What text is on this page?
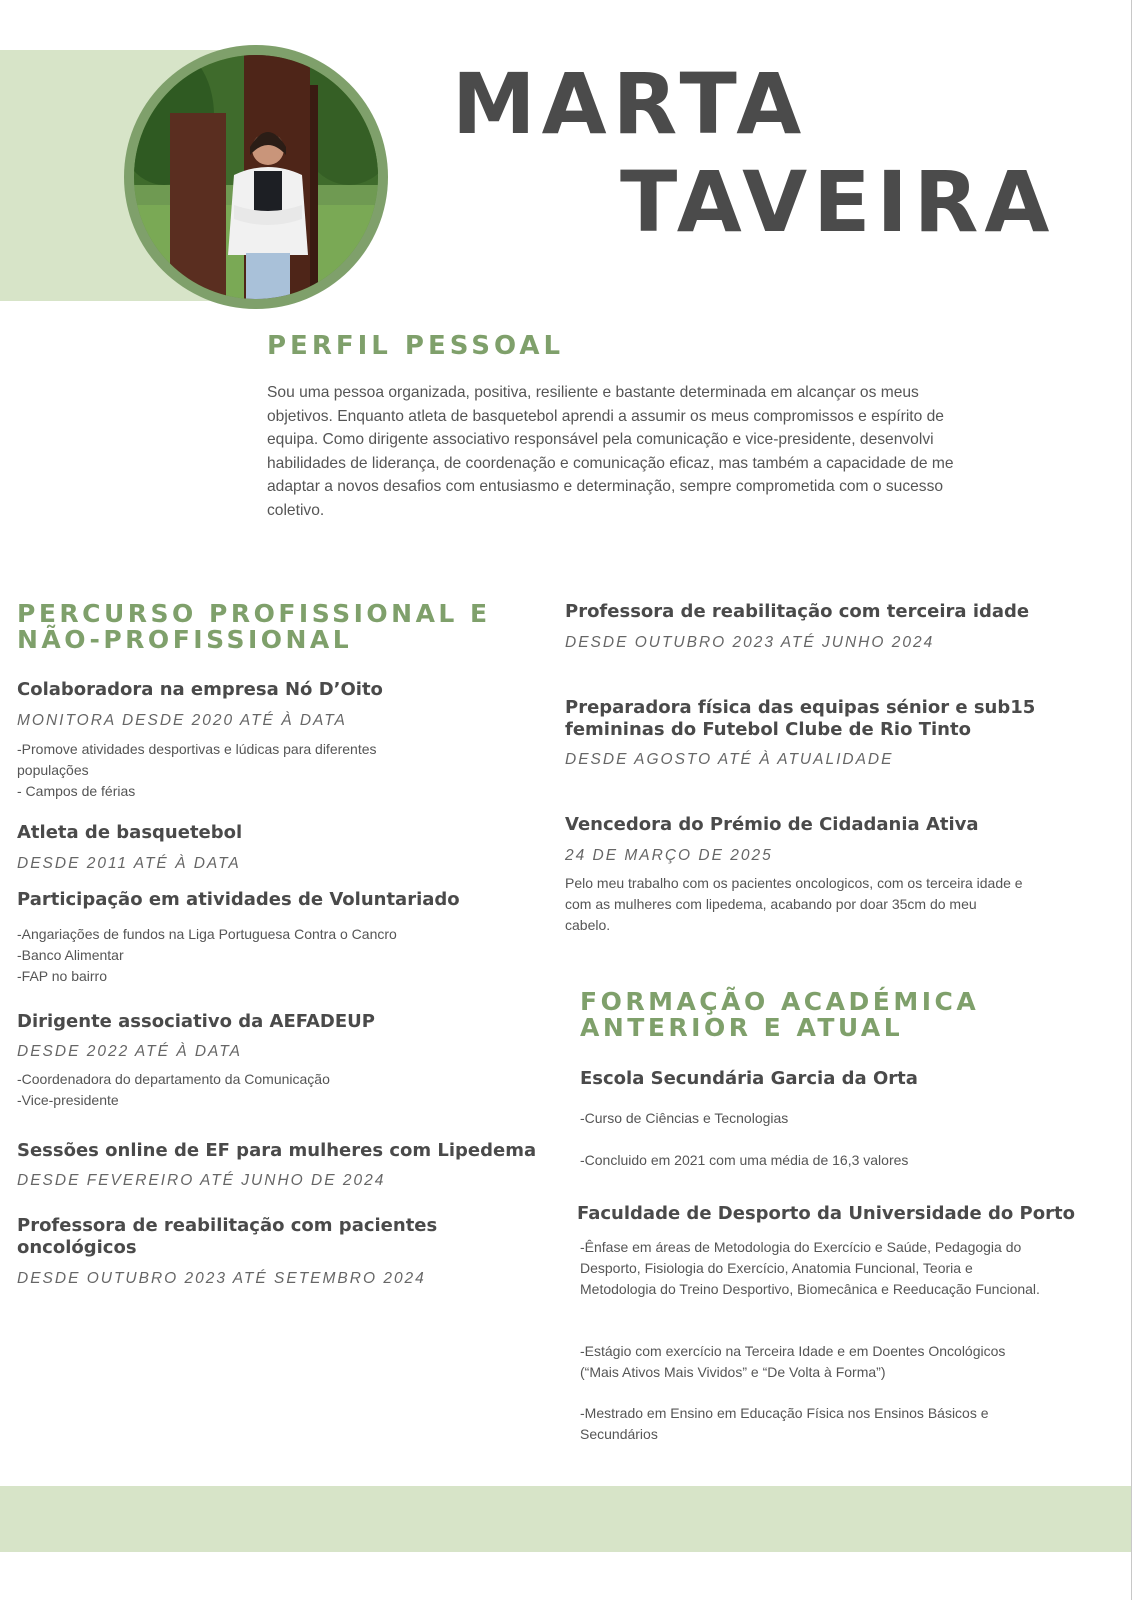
MARTA
TAVEIRA
PERFIL PESSOAL
Sou uma pessoa organizada, positiva, resiliente e bastante determinada em alcançar os meus objetivos. Enquanto atleta de basquetebol aprendi a assumir os meus compromissos e espírito de equipa. Como dirigente associativo responsável pela comunicação e vice-presidente, desenvolvi habilidades de liderança, de coordenação e comunicação eficaz, mas também a capacidade de me adaptar a novos desafios com entusiasmo e determinação, sempre comprometida com o sucesso coletivo.
PERCURSO PROFISSIONAL E NÃO-PROFISSIONAL
Colaboradora na empresa Nó D’Oito
MONITORA DESDE 2020 ATÉ À DATA
-Promove atividades desportivas e lúdicas para diferentes populações
- Campos de férias
Atleta de basquetebol
DESDE 2011 ATÉ À DATA
Participação em atividades de Voluntariado
-Angariações de fundos na Liga Portuguesa Contra o Cancro
-Banco Alimentar
-FAP no bairro
Dirigente associativo da AEFADEUP
DESDE 2022 ATÉ À DATA
-Coordenadora do departamento da Comunicação
-Vice-presidente
Sessões online de EF para mulheres com Lipedema
DESDE FEVEREIRO ATÉ JUNHO DE 2024
Professora de reabilitação com pacientes oncológicos
DESDE OUTUBRO 2023 ATÉ SETEMBRO 2024
Professora de reabilitação com terceira idade
DESDE OUTUBRO 2023 ATÉ JUNHO 2024
Preparadora física das equipas sénior e sub15 femininas do Futebol Clube de Rio Tinto
DESDE AGOSTO ATÉ À ATUALIDADE
Vencedora do Prémio de Cidadania Ativa
24 DE MARÇO DE 2025
Pelo meu trabalho com os pacientes oncologicos, com os terceira idade e com as mulheres com lipedema, acabando por doar 35cm do meu cabelo.
FORMAÇÃO ACADÉMICA ANTERIOR E ATUAL
Escola Secundária Garcia da Orta
-Curso de Ciências e Tecnologias
-Concluido em 2021 com uma média de 16,3 valores
Faculdade de Desporto da Universidade do Porto
-Ênfase em áreas de Metodologia do Exercício e Saúde, Pedagogia do Desporto, Fisiologia do Exercício, Anatomia Funcional, Teoria e Metodologia do Treino Desportivo, Biomecânica e Reeducação Funcional.
-Estágio com exercício na Terceira Idade e em Doentes Oncológicos (“Mais Ativos Mais Vividos” e “De Volta à Forma”)
-Mestrado em Ensino em Educação Física nos Ensinos Básicos e Secundários
